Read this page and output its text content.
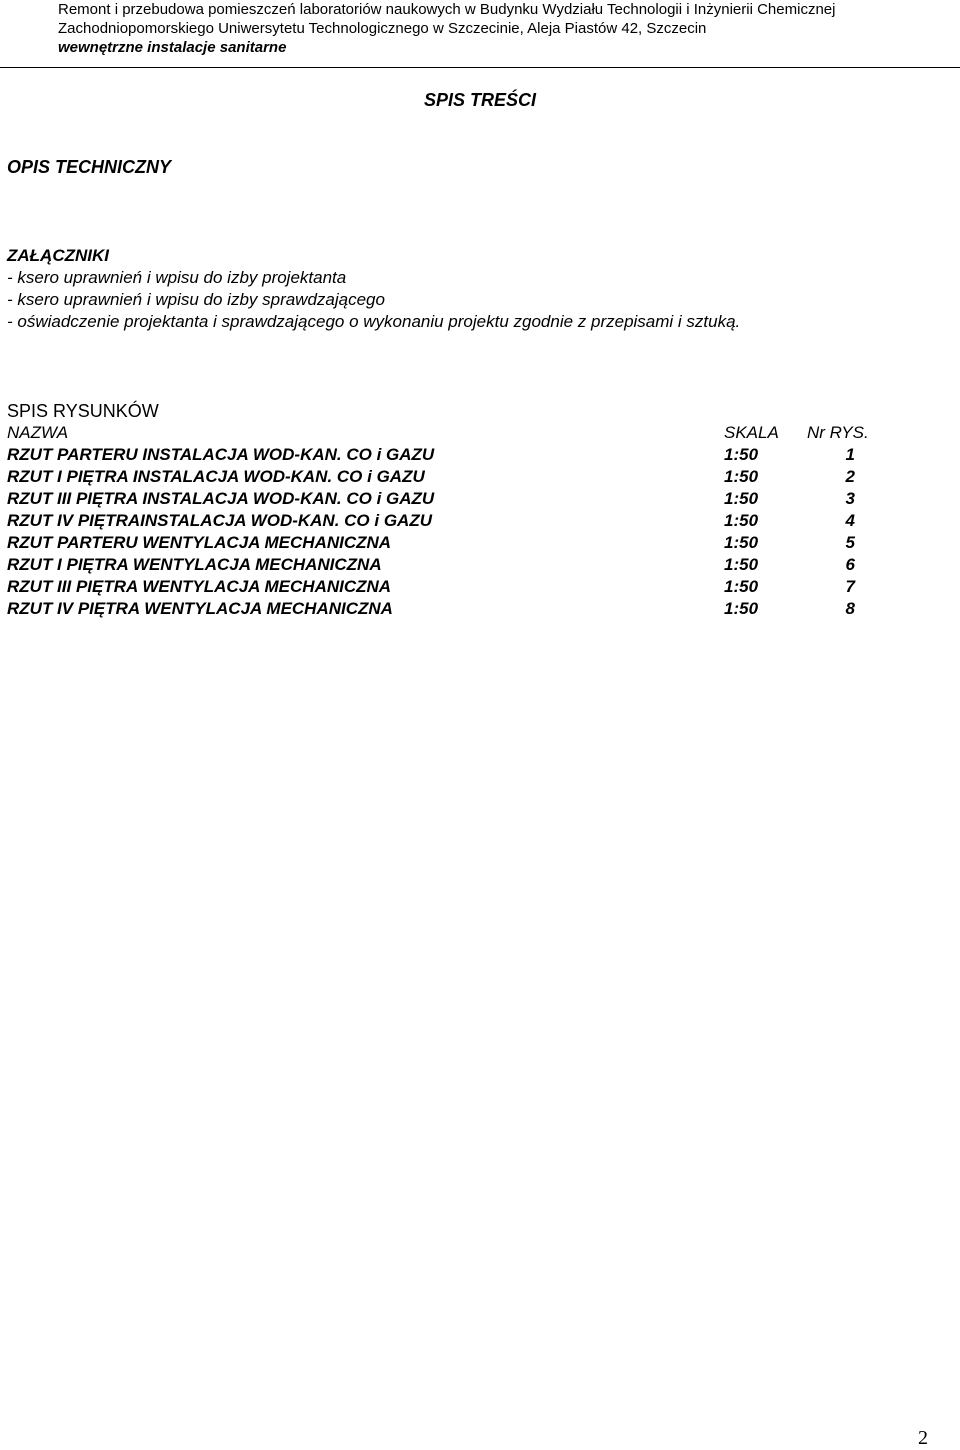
Remont i przebudowa pomieszczeń laboratoriów naukowych w Budynku Wydziału Technologii i Inżynierii Chemicznej
Zachodniopomorskiego Uniwersytetu Technologicznego w Szczecinie, Aleja Piastów 42, Szczecin
wewnętrzne instalacje sanitarne
SPIS TREŚCI
OPIS TECHNICZNY
ZAŁĄCZNIKI
- ksero uprawnień i wpisu do izby projektanta
- ksero uprawnień i wpisu do izby sprawdzającego
- oświadczenie projektanta i sprawdzającego o wykonaniu projektu zgodnie z przepisami i sztuką.
SPIS RYSUNKÓW
NAZWA	SKALA Nr RYS.
RZUT PARTERU INSTALACJA WOD-KAN. CO i GAZU	1:50	1
RZUT I PIĘTRA INSTALACJA WOD-KAN. CO i GAZU	1:50	2
RZUT III PIĘTRA INSTALACJA WOD-KAN. CO i GAZU	1:50	3
RZUT IV PIĘTRAINSTALACJA WOD-KAN. CO i GAZU	1:50	4
RZUT PARTERU WENTYLACJA MECHANICZNA	1:50	5
RZUT I PIĘTRA WENTYLACJA MECHANICZNA	1:50	6
RZUT III PIĘTRA WENTYLACJA MECHANICZNA	1:50	7
RZUT IV PIĘTRA WENTYLACJA MECHANICZNA	1:50	8
2
